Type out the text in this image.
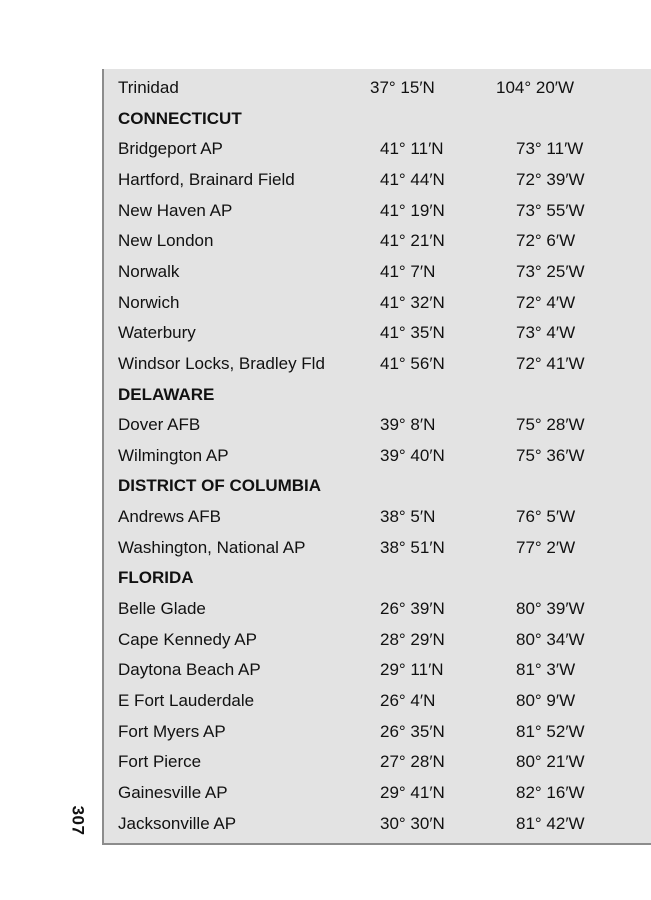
Trinidad	37° 15′N	104° 20′W
CONNECTICUT
Bridgeport AP	41° 11′N	73° 11′W
Hartford, Brainard Field	41° 44′N	72° 39′W
New Haven AP	41° 19′N	73° 55′W
New London	41° 21′N	72° 6′W
Norwalk	41° 7′N	73° 25′W
Norwich	41° 32′N	72° 4′W
Waterbury	41° 35′N	73° 4′W
Windsor Locks, Bradley Fld	41° 56′N	72° 41′W
DELAWARE
Dover AFB	39° 8′N	75° 28′W
Wilmington AP	39° 40′N	75° 36′W
DISTRICT OF COLUMBIA
Andrews AFB	38° 5′N	76° 5′W
Washington, National AP	38° 51′N	77° 2′W
FLORIDA
Belle Glade	26° 39′N	80° 39′W
Cape Kennedy AP	28° 29′N	80° 34′W
Daytona Beach AP	29° 11′N	81° 3′W
E Fort Lauderdale	26° 4′N	80° 9′W
Fort Myers AP	26° 35′N	81° 52′W
Fort Pierce	27° 28′N	80° 21′W
Gainesville AP	29° 41′N	82° 16′W
Jacksonville AP	30° 30′N	81° 42′W
307
